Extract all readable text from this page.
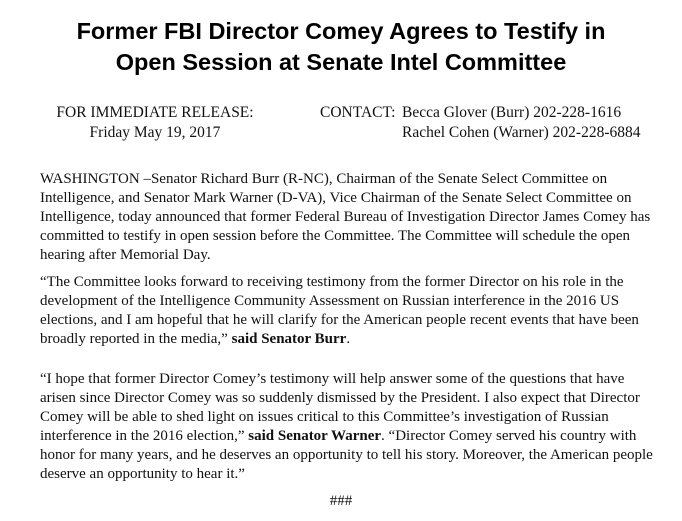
Former FBI Director Comey Agrees to Testify in
Open Session at Senate Intel Committee
FOR IMMEDIATE RELEASE:
Friday May 19, 2017
CONTACT: Becca Glover (Burr) 202-228-1616
Rachel Cohen (Warner) 202-228-6884

WASHINGTON –Senator Richard Burr (R-NC), Chairman of the Senate Select Committee on Intelligence, and Senator Mark Warner (D-VA), Vice Chairman of the Senate Select Committee on Intelligence, today announced that former Federal Bureau of Investigation Director James Comey has committed to testify in open session before the Committee. The Committee will schedule the open hearing after Memorial Day.

“The Committee looks forward to receiving testimony from the former Director on his role in the development of the Intelligence Community Assessment on Russian interference in the 2016 US elections, and I am hopeful that he will clarify for the American people recent events that have been broadly reported in the media,” said Senator Burr.

“I hope that former Director Comey’s testimony will help answer some of the questions that have arisen since Director Comey was so suddenly dismissed by the President. I also expect that Director Comey will be able to shed light on issues critical to this Committee’s investigation of Russian interference in the 2016 election,” said Senator Warner. “Director Comey served his country with honor for many years, and he deserves an opportunity to tell his story. Moreover, the American people deserve an opportunity to hear it.”

###
